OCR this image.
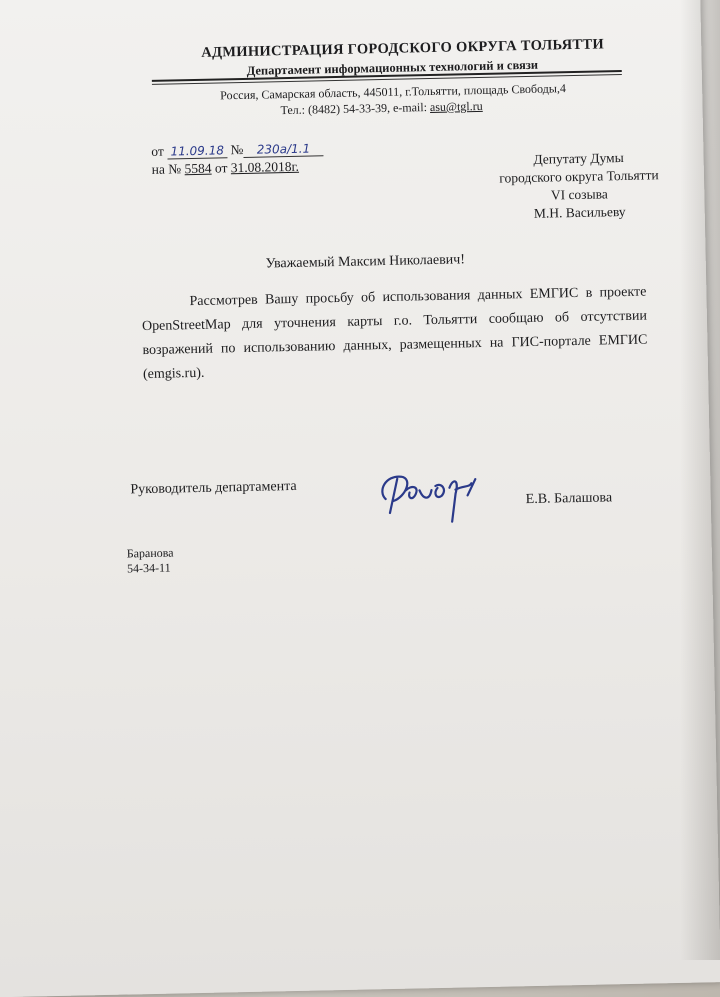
АДМИНИСТРАЦИЯ ГОРОДСКОГО ОКРУГА ТОЛЬЯТТИ
Департамент информационных технологий и связи
Россия, Самарская область, 445011, г.Тольятти, площадь Свободы,4
Тел.: (8482) 54-33-39, e-mail: asu@tgl.ru
от 11.09.18 № 230а/1.1
на № 5584 от 31.08.2018г.
Депутату Думы
городского округа Тольятти
VI созыва
М.Н. Васильеву
Уважаемый Максим Николаевич!
Рассмотрев Вашу просьбу об использования данных ЕМГИС в проекте OpenStreetMap для уточнения карты г.о. Тольятти сообщаю об отсутствии возражений по использованию данных, размещенных на ГИС-портале ЕМГИС (emgis.ru).
Руководитель департамента
Е.В. Балашова
Баранова
54-34-11
